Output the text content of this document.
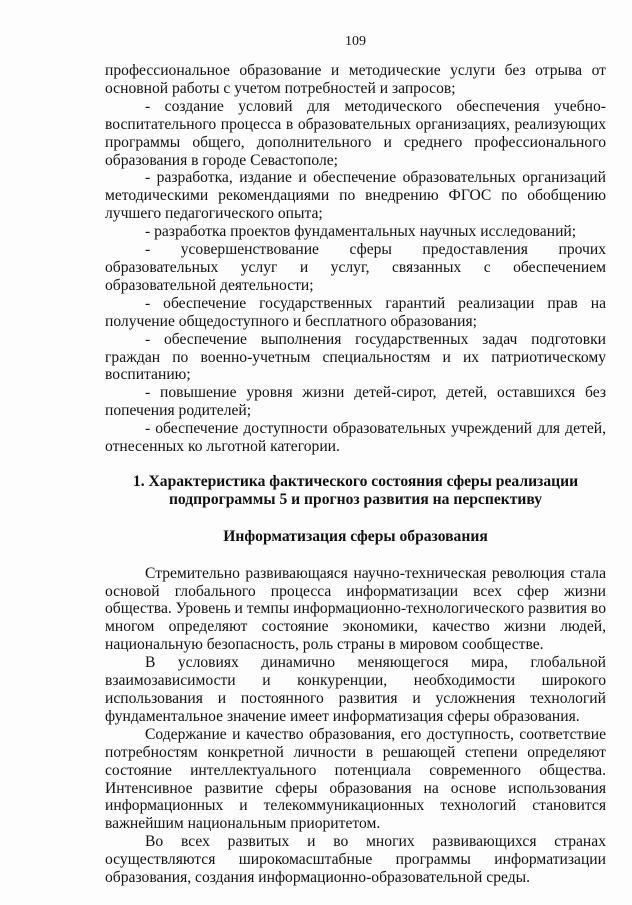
109

профессиональное образование и методические услуги без отрыва от основной работы с учетом потребностей и запросов;

- создание условий для методического обеспечения учебно-воспитательного процесса в образовательных организациях, реализующих программы общего, дополнительного и среднего профессионального образования в городе Севастополе;

- разработка, издание и обеспечение образовательных организаций методическими рекомендациями по внедрению ФГОС по обобщению лучшего педагогического опыта;

- разработка проектов фундаментальных научных исследований;

- усовершенствование сферы предоставления прочих образовательных услуг и услуг, связанных с обеспечением образовательной деятельности;

- обеспечение государственных гарантий реализации прав на получение общедоступного и бесплатного образования;

- обеспечение выполнения государственных задач подготовки граждан по военно-учетным специальностям и их патриотическому воспитанию;

- повышение уровня жизни детей-сирот, детей, оставшихся без попечения родителей;

- обеспечение доступности образовательных учреждений для детей, отнесенных ко льготной категории.

1. Характеристика фактического состояния сферы реализации
подпрограммы 5 и прогноз развития на перспективу
Информатизация сферы образования

Стремительно развивающаяся научно-техническая революция стала основой глобального процесса информатизации всех сфер жизни общества. Уровень и темпы информационно-технологического развития во многом определяют состояние экономики, качество жизни людей, национальную безопасность, роль страны в мировом сообществе.

В условиях динамично меняющегося мира, глобальной взаимозависимости и конкуренции, необходимости широкого использования и постоянного развития и усложнения технологий фундаментальное значение имеет информатизация сферы образования.

Содержание и качество образования, его доступность, соответствие потребностям конкретной личности в решающей степени определяют состояние интеллектуального потенциала современного общества. Интенсивное развитие сферы образования на основе использования информационных и телекоммуникационных технологий становится важнейшим национальным приоритетом.

Во всех развитых и во многих развивающихся странах осуществляются широкомасштабные программы информатизации образования, создания информационно-образовательной среды.
